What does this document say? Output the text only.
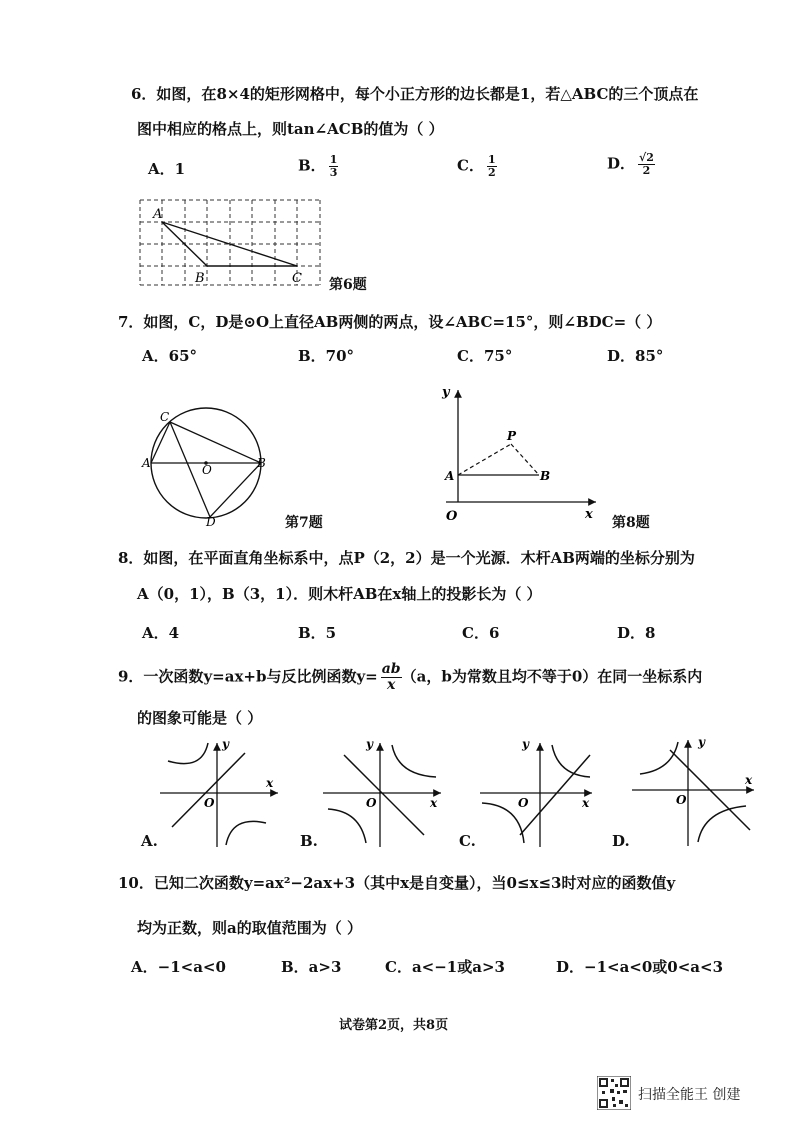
6．如图，在8×4的矩形网格中，每个小正方形的边长都是1，若△ABC的三个顶点在
图中相应的格点上，则tan∠ACB的值为（ ）
A．1	B． $\frac{1}{3}$	C． $\frac{1}{2}$	D． $\frac{√2}{2}$
A
B	C 第6题
7．如图，C，D是⊙O上直径AB两侧的两点，设∠ABC=15°，则∠BDC=（ ）
A．65°	B．70°	C．75°	D．85°
C
A	O	B
D	第7题
y
x
O
A	B
P
第8题
8．如图，在平面直角坐标系中，点P（2，2）是一个光源．木杆AB两端的坐标分别为
A（0，1），B（3，1）．则木杆AB在x轴上的投影长为（ ）
A．4	B．5	C．6	D．8
9．一次函数y=ax+b与反比例函数$y= \frac{ab}{x} (a$，b为常数且均不等于0）在同一坐标系内
的图象可能是（ ）
y
x
O
A.
y
x
O
B.
y
x
O
C.
y
x
O
D.
10．已知二次函数y=ax²−2ax+3（其中x是自变量），当0≤x≤3时对应的函数值y
均为正数，则a的取值范围为（ ）
A．−1<a<0	B．a>3	C．a<−1或a>3	D．−1<a<0或0<a<3
试卷第2页，共8页
扫描全能王 创建
